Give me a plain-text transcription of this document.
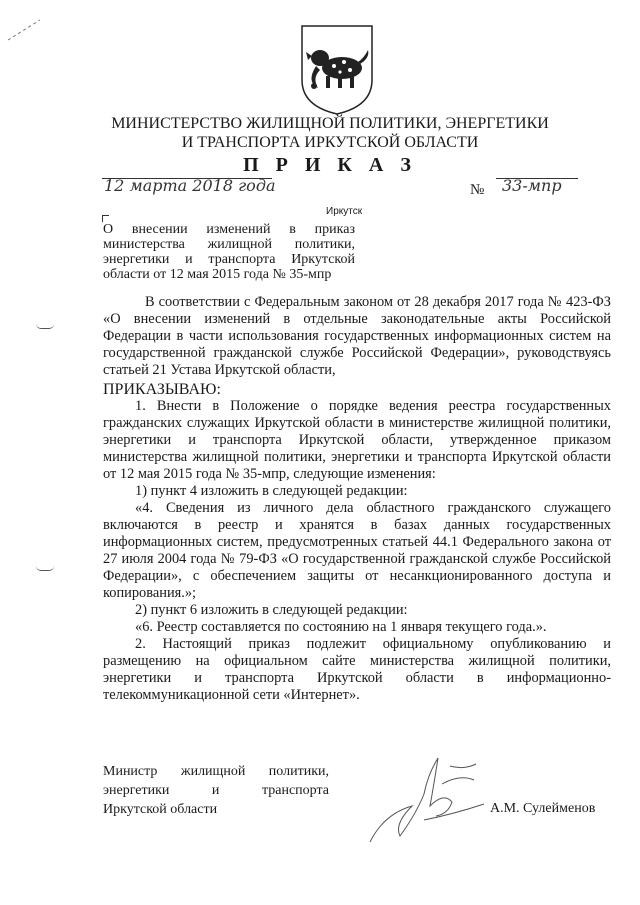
МИНИСТЕРСТВО ЖИЛИЩНОЙ ПОЛИТИКИ, ЭНЕРГЕТИКИ
И ТРАНСПОРТА ИРКУТСКОЙ ОБЛАСТИ
П Р И К А З
12 марта 2018 года	№ 33-мпр
Иркутск
О внесении изменений в приказ министерства жилищной политики, энергетики и транспорта Иркутской области от 12 мая 2015 года № 35-мпр

В соответствии с Федеральным законом от 28 декабря 2017 года № 423-ФЗ «О внесении изменений в отдельные законодательные акты Российской Федерации в части использования государственных информационных систем на государственной гражданской службе Российской Федерации», руководствуясь статьей 21 Устава Иркутской области,

ПРИКАЗЫВАЮ:

1. Внести в Положение о порядке ведения реестра государственных гражданских служащих Иркутской области в министерстве жилищной политики, энергетики и транспорта Иркутской области, утвержденное приказом министерства жилищной политики, энергетики и транспорта Иркутской области от 12 мая 2015 года № 35-мпр, следующие изменения:

1) пункт 4 изложить в следующей редакции:

«4. Сведения из личного дела областного гражданского служащего включаются в реестр и хранятся в базах данных государственных информационных систем, предусмотренных статьей 44.1 Федерального закона от 27 июля 2004 года № 79-ФЗ «О государственной гражданской службе Российской Федерации», с обеспечением защиты от несанкционированного доступа и копирования.»;

2) пункт 6 изложить в следующей редакции:

«6. Реестр составляется по состоянию на 1 января текущего года.».

2. Настоящий приказ подлежит официальному опубликованию и размещению на официальном сайте министерства жилищной политики, энергетики и транспорта Иркутской области в информационно-телекоммуникационной сети «Интернет».

Министр жилищной политики,
энергетики	и	транспорта
Иркутской области	А.М. Сулейменов
